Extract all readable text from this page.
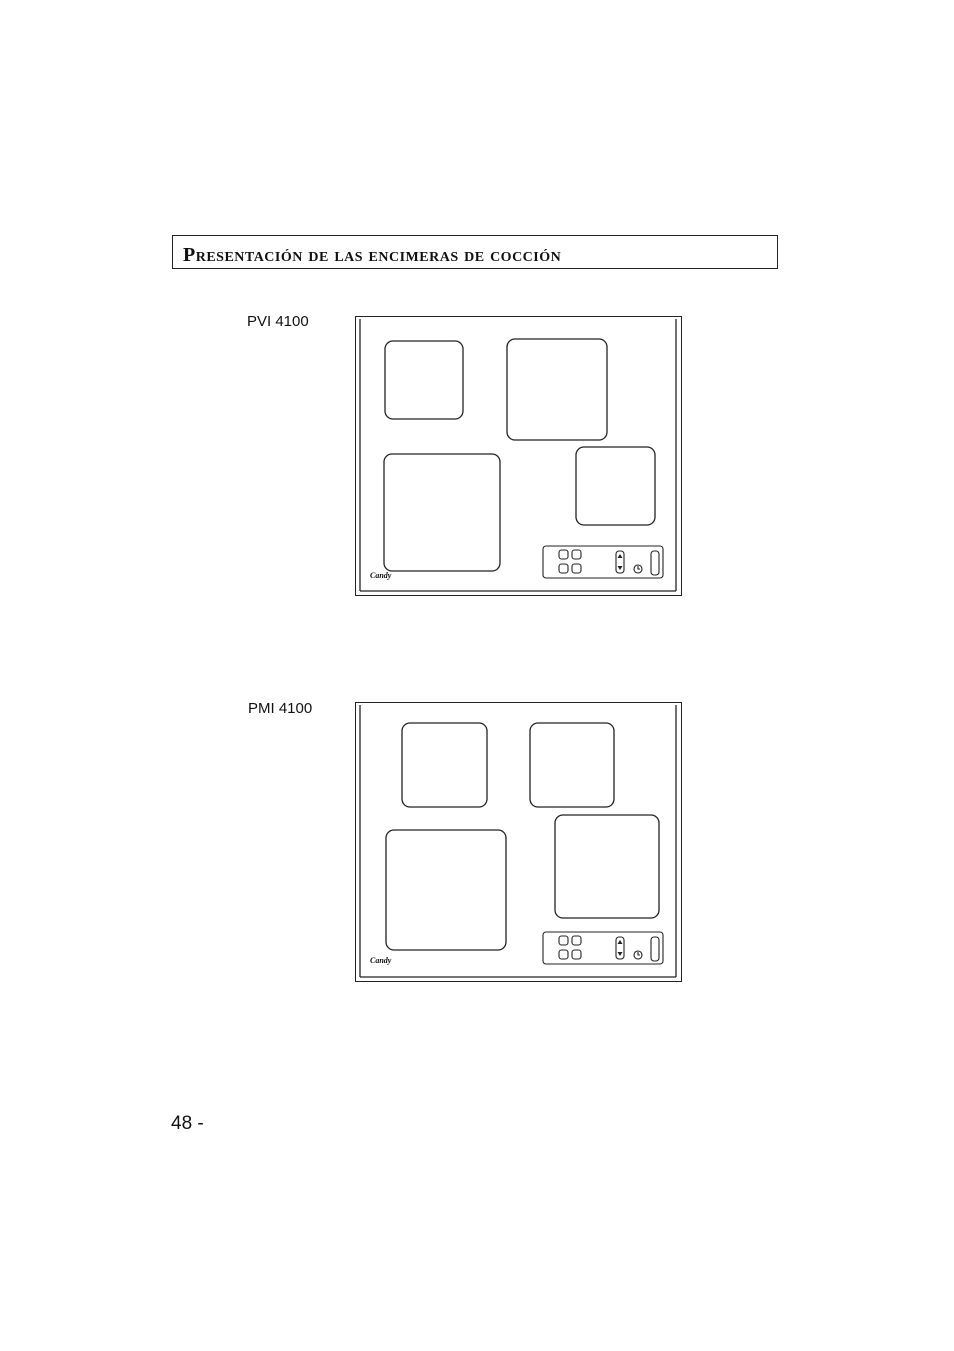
Presentación de las encimeras de cocción
PVI 4100
Candy
PMI 4100
Candy
48 -
